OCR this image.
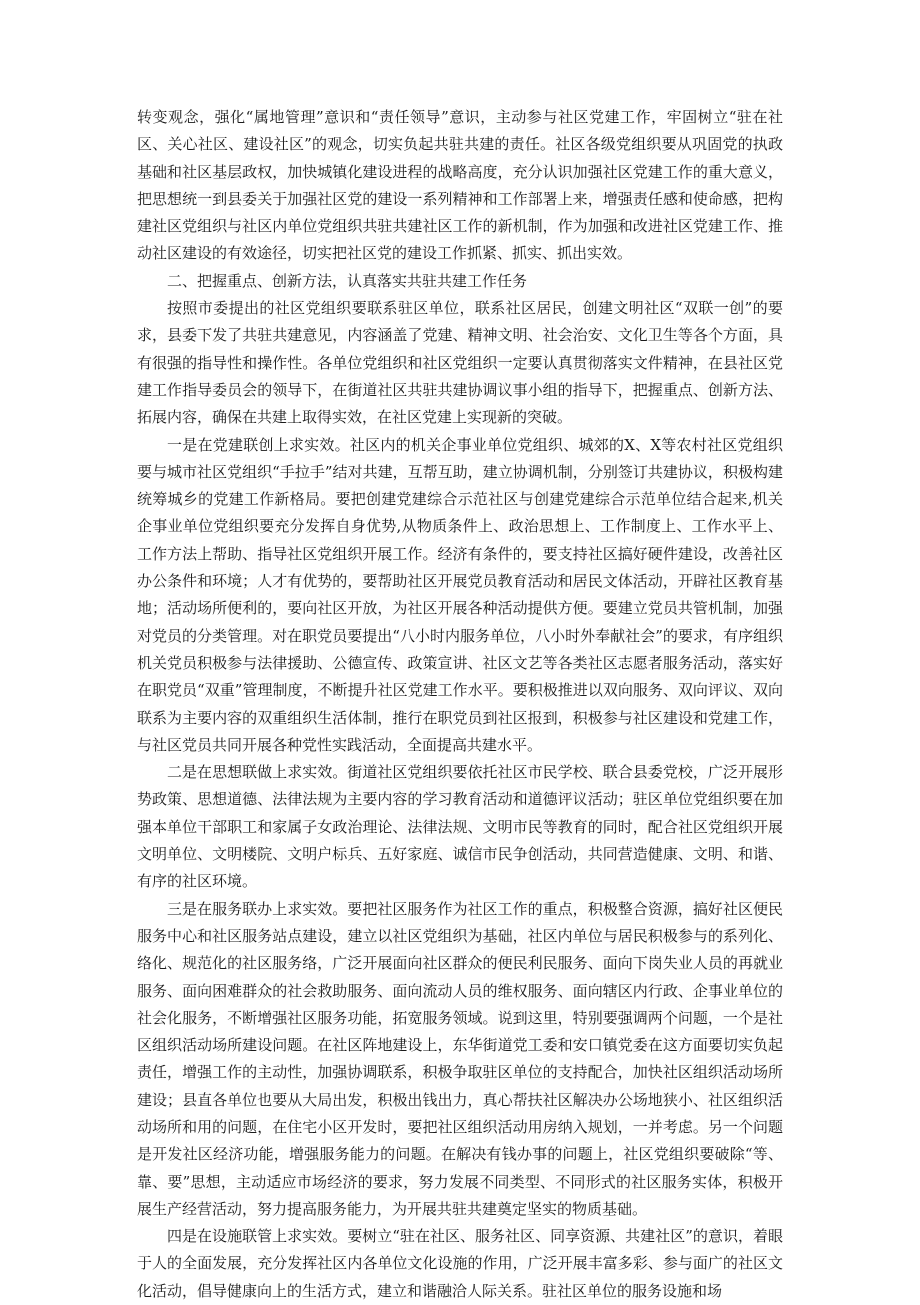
转变观念，强化“属地管理”意识和“责任领导”意识，主动参与社区党建工作，牢固树立“驻在社区、关心社区、建设社区”的观念，切实负起共驻共建的责任。社区各级党组织要从巩固党的执政基础和社区基层政权，加快城镇化建设进程的战略高度，充分认识加强社区党建工作的重大意义，把思想统一到县委关于加强社区党的建设一系列精神和工作部署上来，增强责任感和使命感，把构建社区党组织与社区内单位党组织共驻共建社区工作的新机制，作为加强和改进社区党建工作、推动社区建设的有效途径，切实把社区党的建设工作抓紧、抓实、抓出实效。

二、把握重点、创新方法，认真落实共驻共建工作任务

按照市委提出的社区党组织要联系驻区单位，联系社区居民，创建文明社区“双联一创”的要求，县委下发了共驻共建意见，内容涵盖了党建、精神文明、社会治安、文化卫生等各个方面，具有很强的指导性和操作性。各单位党组织和社区党组织一定要认真贯彻落实文件精神，在县社区党建工作指导委员会的领导下，在街道社区共驻共建协调议事小组的指导下，把握重点、创新方法、拓展内容，确保在共建上取得实效，在社区党建上实现新的突破。

一是在党建联创上求实效。社区内的机关企事业单位党组织、城郊的X、X等农村社区党组织要与城市社区党组织“手拉手”结对共建，互帮互助，建立协调机制，分别签订共建协议，积极构建统筹城乡的党建工作新格局。要把创建党建综合示范社区与创建党建综合示范单位结合起来,机关企事业单位党组织要充分发挥自身优势,从物质条件上、政治思想上、工作制度上、工作水平上、工作方法上帮助、指导社区党组织开展工作。经济有条件的，要支持社区搞好硬件建设，改善社区办公条件和环境；人才有优势的，要帮助社区开展党员教育活动和居民文体活动，开辟社区教育基地；活动场所便利的，要向社区开放，为社区开展各种活动提供方便。要建立党员共管机制，加强对党员的分类管理。对在职党员要提出“八小时内服务单位，八小时外奉献社会”的要求，有序组织机关党员积极参与法律援助、公德宣传、政策宣讲、社区文艺等各类社区志愿者服务活动，落实好在职党员“双重”管理制度，不断提升社区党建工作水平。要积极推进以双向服务、双向评议、双向联系为主要内容的双重组织生活体制，推行在职党员到社区报到，积极参与社区建设和党建工作，与社区党员共同开展各种党性实践活动，全面提高共建水平。

二是在思想联做上求实效。街道社区党组织要依托社区市民学校、联合县委党校，广泛开展形势政策、思想道德、法律法规为主要内容的学习教育活动和道德评议活动；驻区单位党组织要在加强本单位干部职工和家属子女政治理论、法律法规、文明市民等教育的同时，配合社区党组织开展文明单位、文明楼院、文明户标兵、五好家庭、诚信市民争创活动，共同营造健康、文明、和谐、有序的社区环境。

三是在服务联办上求实效。要把社区服务作为社区工作的重点，积极整合资源，搞好社区便民服务中心和社区服务站点建设，建立以社区党组织为基础，社区内单位与居民积极参与的系列化、络化、规范化的社区服务络，广泛开展面向社区群众的便民利民服务、面向下岗失业人员的再就业服务、面向困难群众的社会救助服务、面向流动人员的维权服务、面向辖区内行政、企事业单位的社会化服务，不断增强社区服务功能，拓宽服务领域。说到这里，特别要强调两个问题，一个是社区组织活动场所建设问题。在社区阵地建设上，东华街道党工委和安口镇党委在这方面要切实负起责任，增强工作的主动性，加强协调联系，积极争取驻区单位的支持配合，加快社区组织活动场所建设；县直各单位也要从大局出发，积极出钱出力，真心帮扶社区解决办公场地狭小、社区组织活动场所和用的问题，在住宅小区开发时，要把社区组织活动用房纳入规划，一并考虑。另一个问题是开发社区经济功能，增强服务能力的问题。在解决有钱办事的问题上，社区党组织要破除“等、靠、要”思想，主动适应市场经济的要求，努力发展不同类型、不同形式的社区服务实体，积极开展生产经营活动，努力提高服务能力，为开展共驻共建奠定坚实的物质基础。

四是在设施联管上求实效。要树立“驻在社区、服务社区、同享资源、共建社区”的意识，着眼于人的全面发展，充分发挥社区内各单位文化设施的作用，广泛开展丰富多彩、参与面广的社区文化活动，倡导健康向上的生活方式，建立和谐融洽人际关系。驻社区单位的服务设施和场
